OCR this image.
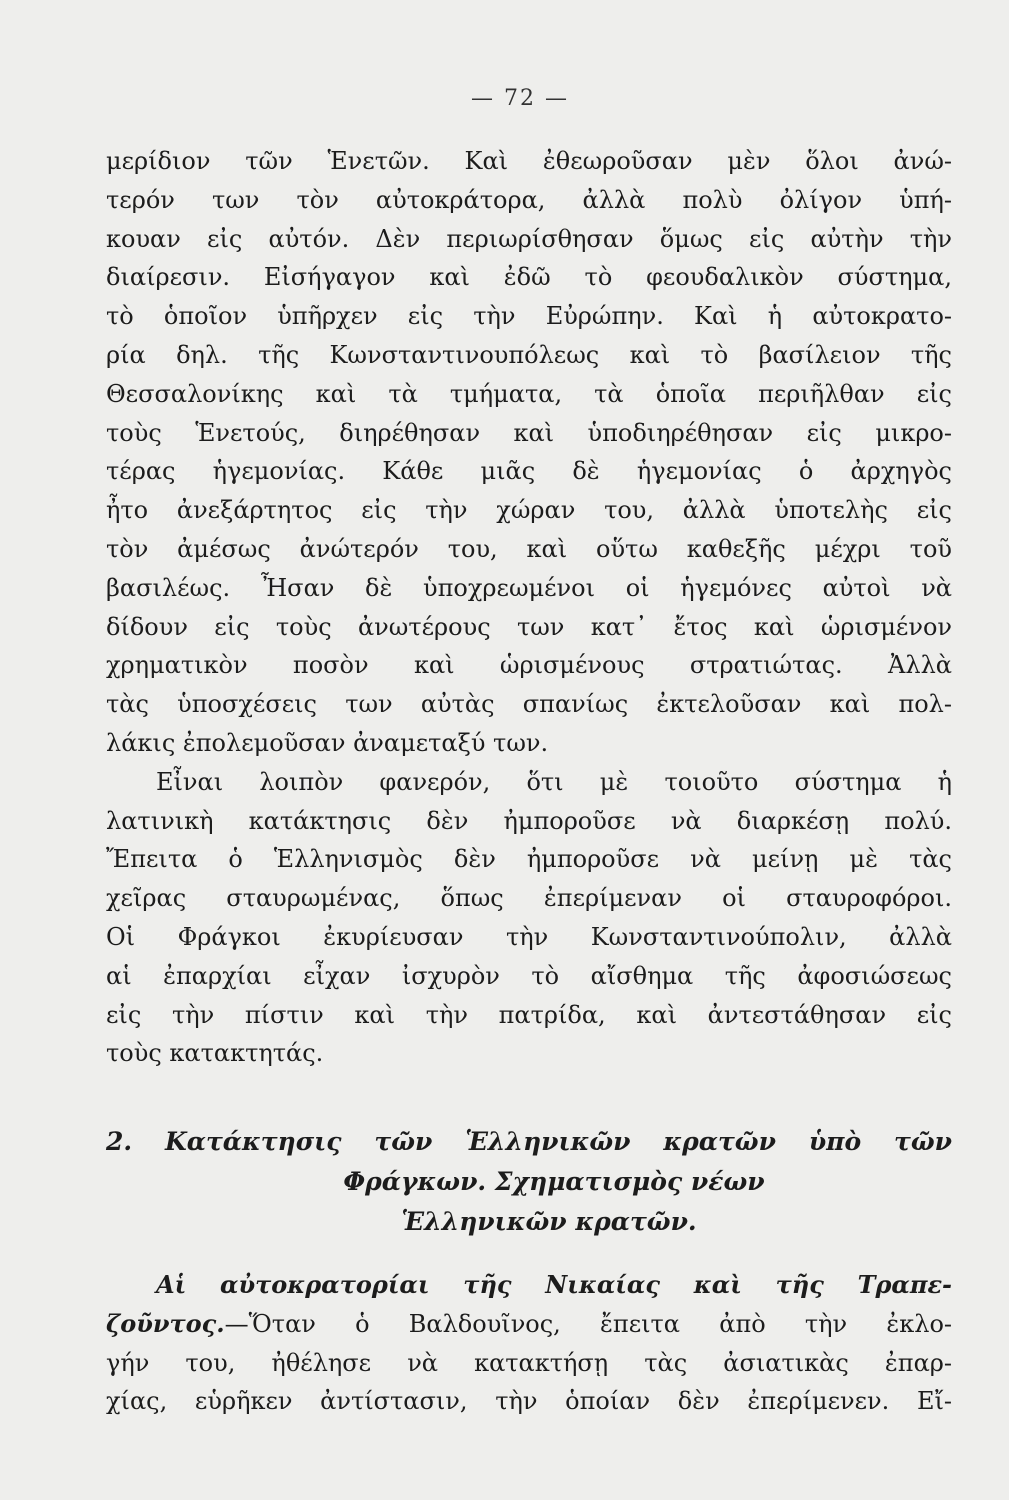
— 72 —
μερίδιον τῶν Ἑνετῶν. Καὶ ἐθεωροῦσαν μὲν ὅλοι ἀνώ-
τερόν των τὸν αὐτοκράτορα, ἀλλὰ πολὺ ὀλίγον ὑπή-
κουαν εἰς αὐτόν. Δὲν περιωρίσθησαν ὅμως εἰς αὐτὴν τὴν
διαίρεσιν. Εἰσήγαγον καὶ ἐδῶ τὸ φεουδαλικὸν σύστημα,
τὸ ὁποῖον ὑπῆρχεν εἰς τὴν Εὐρώπην. Καὶ ἡ αὐτοκρατο-
ρία δηλ. τῆς Κωνσταντινουπόλεως καὶ τὸ βασίλειον τῆς
Θεσσαλονίκης καὶ τὰ τμήματα, τὰ ὁποῖα περιῆλθαν εἰς
τοὺς Ἑνετούς, διηρέθησαν καὶ ὑποδιηρέθησαν εἰς μικρο-
τέρας ἡγεμονίας. Κάθε μιᾶς δὲ ἡγεμονίας ὁ ἀρχηγὸς
ἦτο ἀνεξάρτητος εἰς τὴν χώραν του, ἀλλὰ ὑποτελὴς εἰς
τὸν ἀμέσως ἀνώτερόν του, καὶ οὕτω καθεξῆς μέχρι τοῦ
βασιλέως. Ἦσαν δὲ ὑποχρεωμένοι οἱ ἡγεμόνες αὐτοὶ νὰ
δίδουν εἰς τοὺς ἀνωτέρους των κατ᾽ ἔτος καὶ ὡρισμένον
χρηματικὸν ποσὸν καὶ ὡρισμένους στρατιώτας. Ἀλλὰ
τὰς ὑποσχέσεις των αὐτὰς σπανίως ἐκτελοῦσαν καὶ πολ-
λάκις ἐπολεμοῦσαν ἀναμεταξύ των.
Εἶναι λοιπὸν φανερόν, ὅτι μὲ τοιοῦτο σύστημα ἡ
λατινικὴ κατάκτησις δὲν ἠμποροῦσε νὰ διαρκέσῃ πολύ.
Ἔπειτα ὁ Ἑλληνισμὸς δὲν ἠμποροῦσε νὰ μείνῃ μὲ τὰς
χεῖρας σταυρωμένας, ὅπως ἐπερίμεναν οἱ σταυροφόροι.
Οἱ Φράγκοι ἐκυρίευσαν τὴν Κωνσταντινούπολιν, ἀλλὰ
αἱ ἐπαρχίαι εἶχαν ἰσχυρὸν τὸ αἴσθημα τῆς ἀφοσιώσεως
εἰς τὴν πίστιν καὶ τὴν πατρίδα, καὶ ἀντεστάθησαν εἰς
τοὺς κατακτητάς.
2. Κατάκτησις τῶν Ἑλληνικῶν κρατῶν ὑπὸ τῶν
Φράγκων. Σχηματισμὸς νέων
Ἑλληνικῶν κρατῶν.
Αἱ αὐτοκρατορίαι τῆς Νικαίας καὶ τῆς Τραπε-
ζοῦντος.—Ὅταν ὁ Βαλδουῖνος, ἔπειτα ἀπὸ τὴν ἐκλο-
γήν του, ἠθέλησε νὰ κατακτήσῃ τὰς ἀσιατικὰς ἐπαρ-
χίας, εὑρῆκεν ἀντίστασιν, τὴν ὁποίαν δὲν ἐπερίμενεν. Εἴ-
